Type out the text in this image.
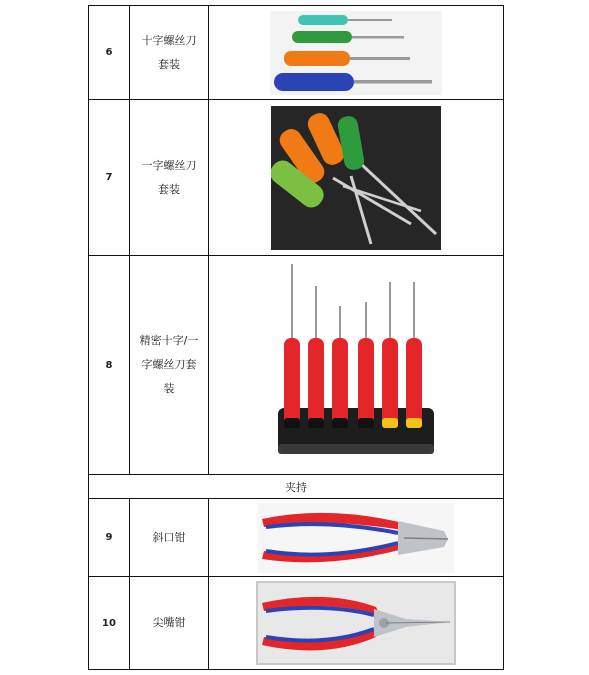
6	十字螺丝刀
套装	

7	一字螺丝刀
套装	

8	精密十字/一
字螺丝刀套
装	

夹持		
9	斜口钳	

10	尖嘴钳	
